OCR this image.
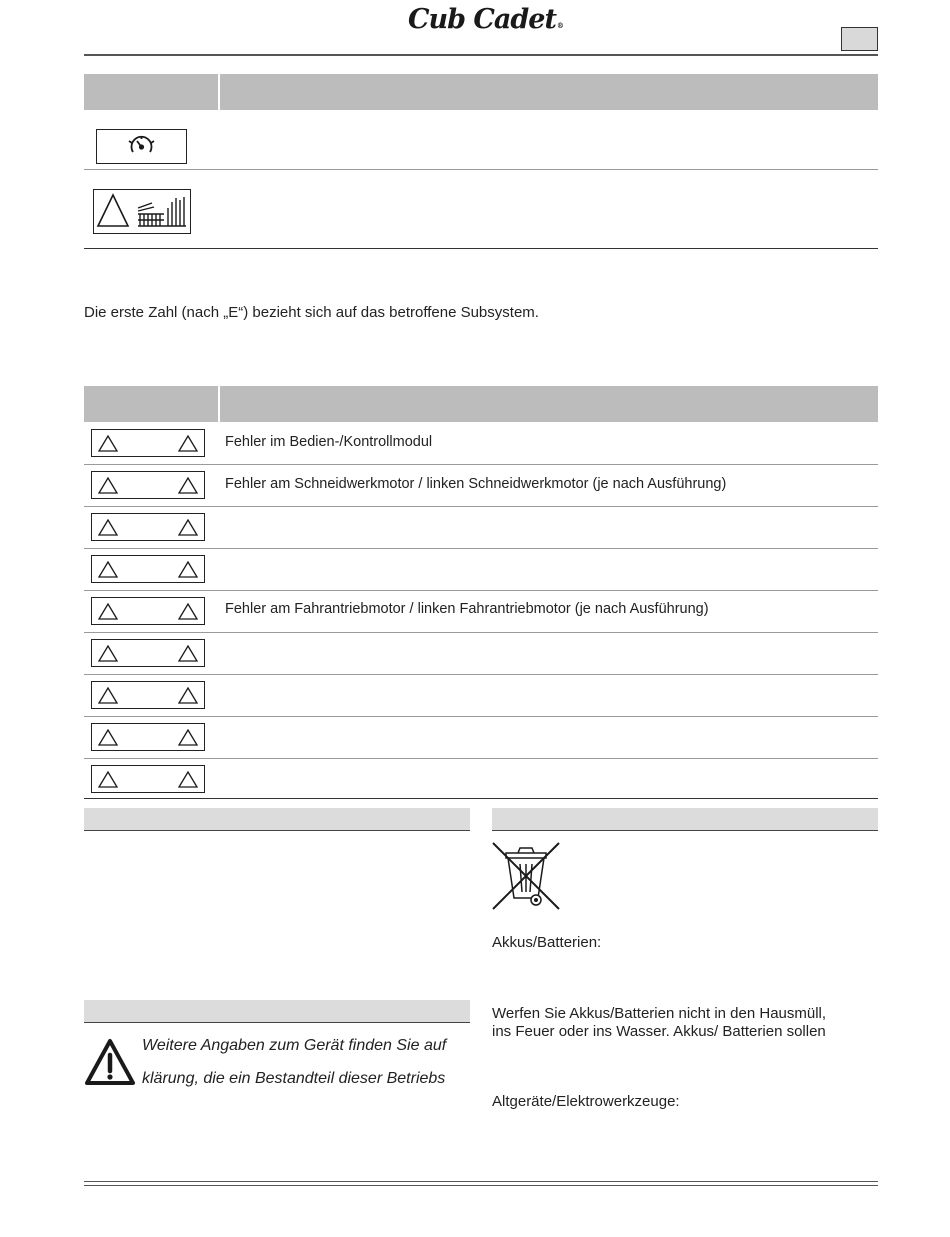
Cub Cadet®
Die erste Zahl (nach „E“) bezieht sich auf das betroffene Subsystem.
Fehler im Bedien-/Kontrollmodul
Fehler am Schneidwerkmotor / linken Schneidwerkmotor (je nach Ausführung)
Fehler am Fahrantriebmotor / linken Fahrantriebmotor (je nach Ausführung)
Weitere Angaben zum Gerät finden Sie auf
klärung, die ein Bestandteil dieser Betriebs
Akkus/Batterien:
Werfen Sie Akkus/Batterien nicht in den Hausmüll,
ins Feuer oder ins Wasser. Akkus/ Batterien sollen
Altgeräte/Elektrowerkzeuge:
